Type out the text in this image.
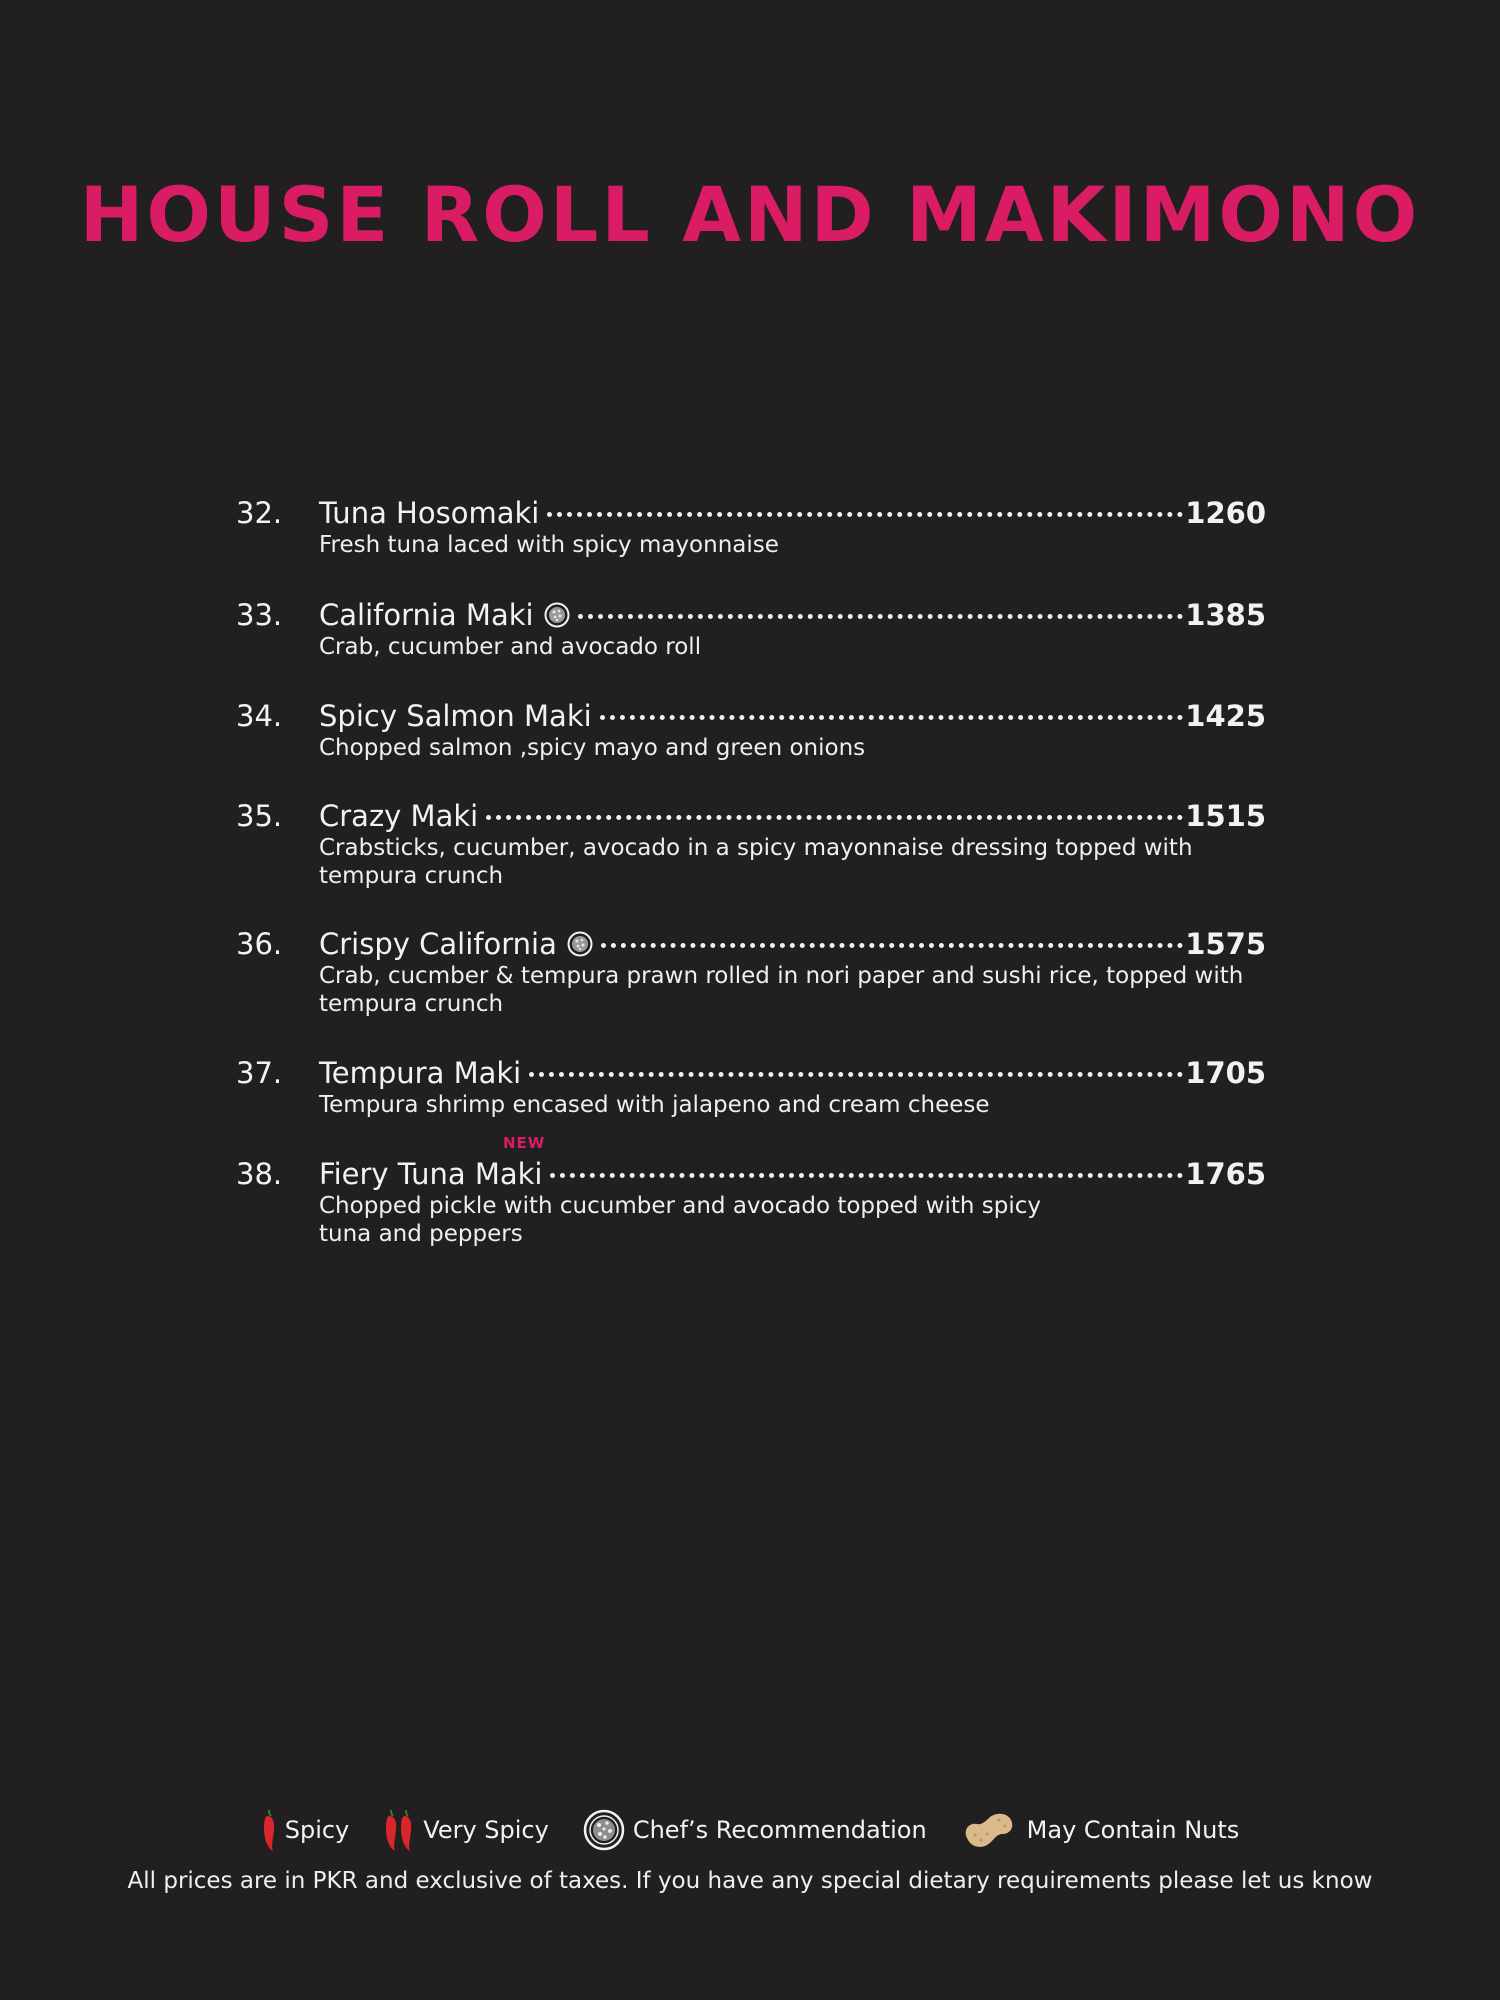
HOUSE ROLL AND MAKIMONO
32. Tuna Hosomaki	1260
Fresh tuna laced with spicy mayonnaise
33. California Maki	1385
Crab, cucumber and avocado roll
34. Spicy Salmon Maki	1425
Chopped salmon ,spicy mayo and green onions
35. Crazy Maki	1515
Crabsticks, cucumber, avocado in a spicy mayonnaise dressing topped with tempura crunch
36. Crispy California	1575
Crab, cucmber & tempura prawn rolled in nori paper and sushi rice, topped with tempura crunch
37. Tempura Maki	1705
Tempura shrimp encased with jalapeno and cream cheese
NEW
38. Fiery Tuna Maki	1765
Chopped pickle with cucumber and avocado topped with spicy tuna and peppers
Spicy	Very Spicy	Chef’s Recommendation	May Contain Nuts
All prices are in PKR and exclusive of taxes. If you have any special dietary requirements please let us know
